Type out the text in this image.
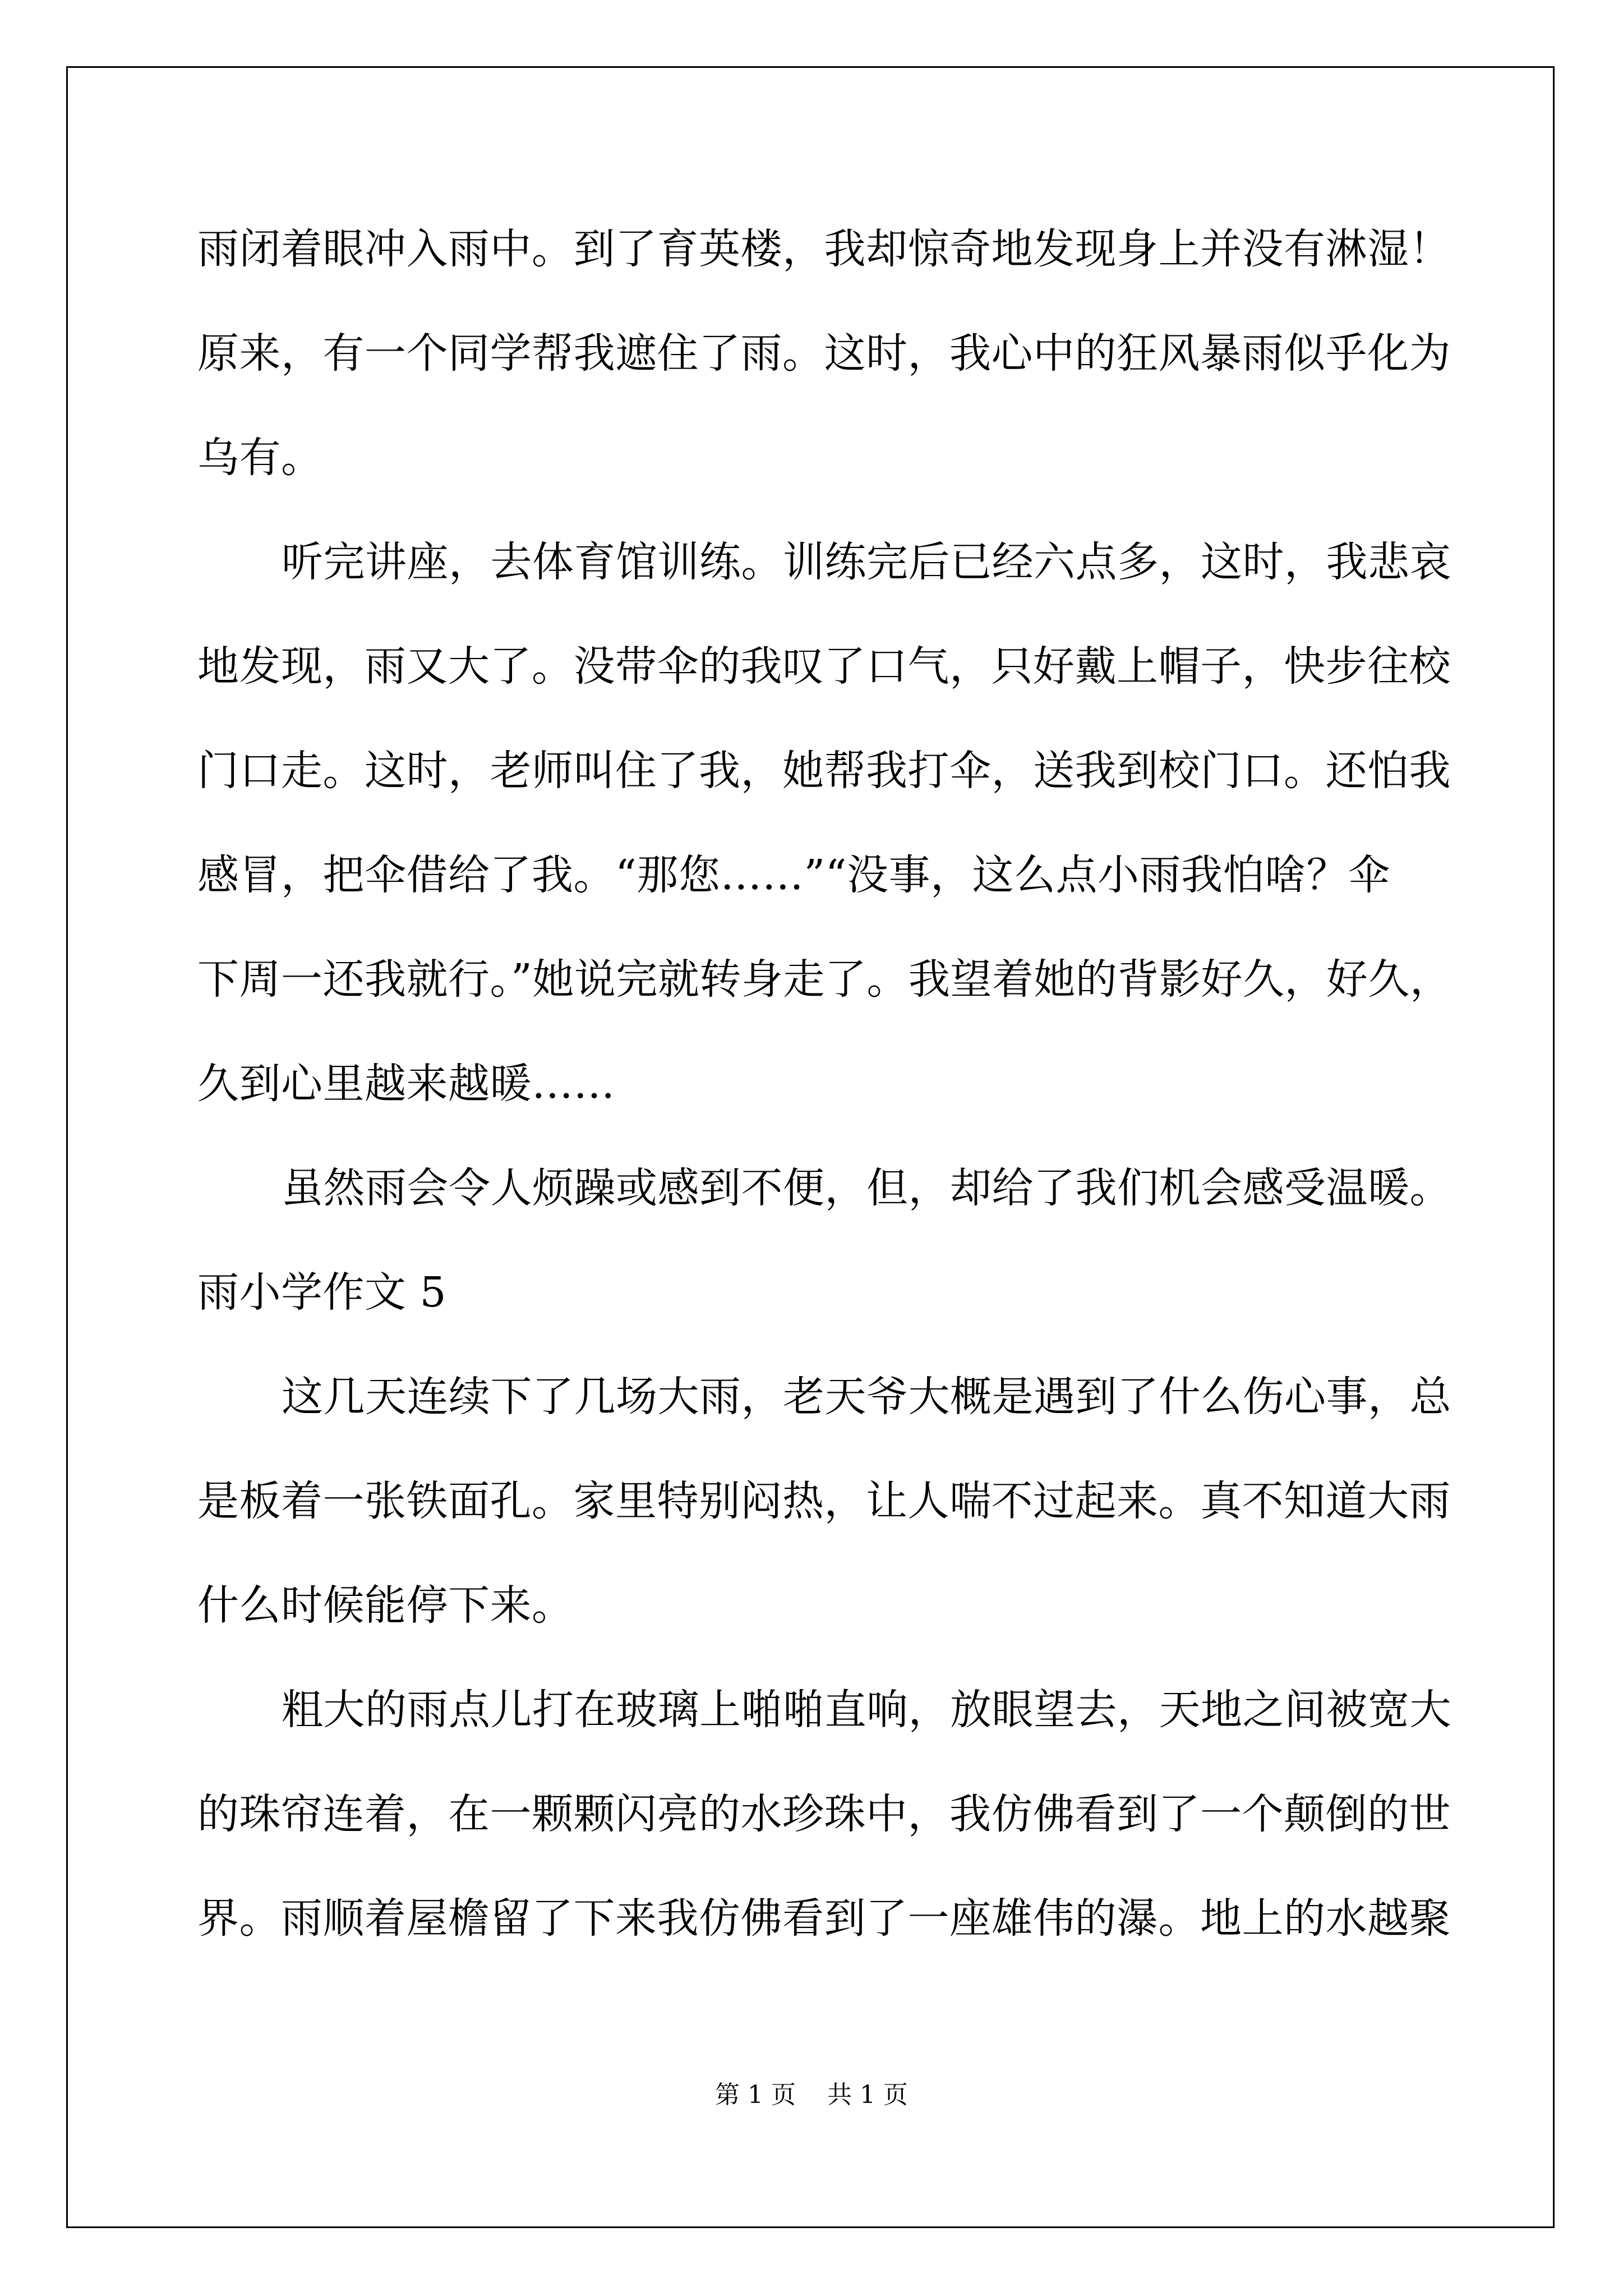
雨闭着眼冲入雨中。到了育英楼，我却惊奇地发现身上并没有淋湿！
原来，有一个同学帮我遮住了雨。这时，我心中的狂风暴雨似乎化为
乌有。
听完讲座，去体育馆训练。训练完后已经六点多，这时，我悲哀
地发现，雨又大了。没带伞的我叹了口气，只好戴上帽子，快步往校
门口走。这时，老师叫住了我，她帮我打伞，送我到校门口。还怕我
感冒，把伞借给了我。“那您……”“没事，这么点小雨我怕啥？伞
下周一还我就行。”她说完就转身走了。我望着她的背影好久，好久，
久到心里越来越暖……
虽然雨会令人烦躁或感到不便，但，却给了我们机会感受温暖。
雨小学作文 5
这几天连续下了几场大雨，老天爷大概是遇到了什么伤心事，总
是板着一张铁面孔。家里特别闷热，让人喘不过起来。真不知道大雨
什么时候能停下来。
粗大的雨点儿打在玻璃上啪啪直响，放眼望去，天地之间被宽大
的珠帘连着，在一颗颗闪亮的水珍珠中，我仿佛看到了一个颠倒的世
界。雨顺着屋檐留了下来我仿佛看到了一座雄伟的瀑。地上的水越聚
第 1 页    共 1 页
